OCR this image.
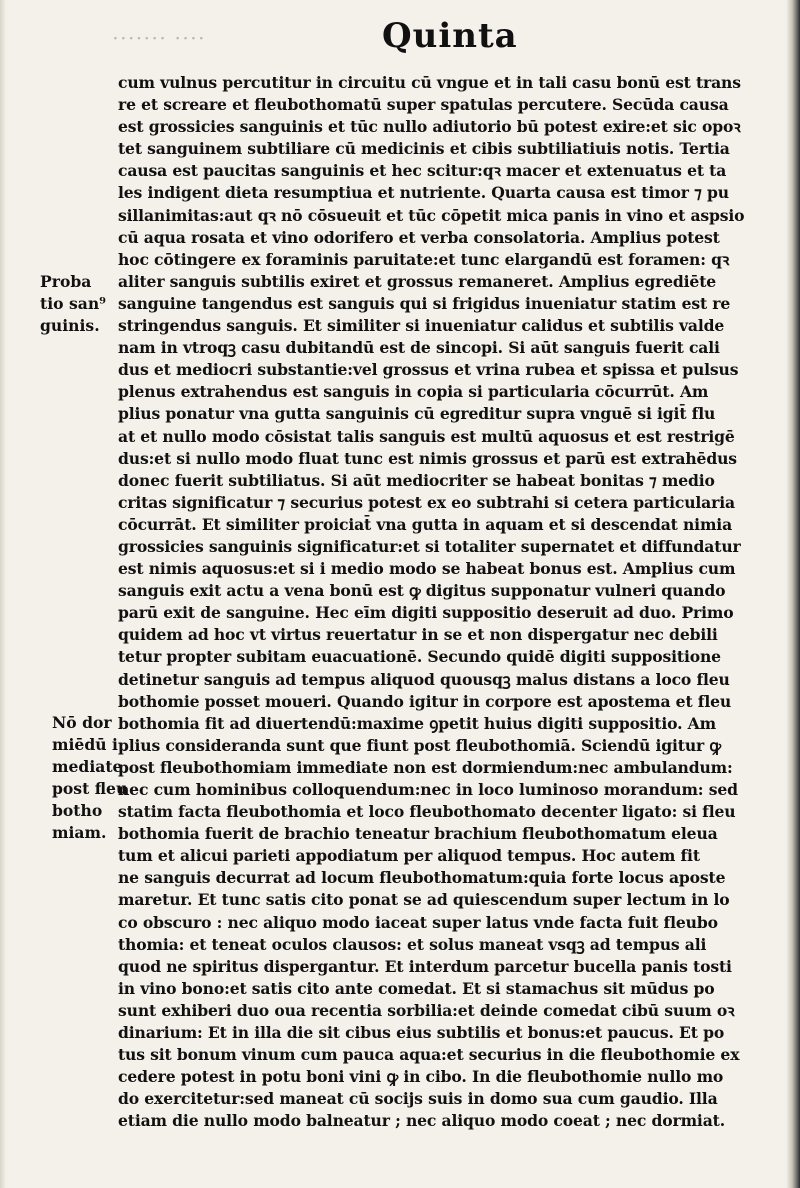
⋅⋅⋅⋅⋅⋅⋅ ⋅⋅⋅⋅	Quinta
Proba
tio san⁹
guinis.
Nō dor
miēdū i
mediate
post fleu
botho
miam.
cum vulnus percutitur in circuitu cū vngue et in tali casu bonū est trans
re et screare et fleubothomatū super spatulas percutere. Secūda causa
est grossicies sanguinis et tūc nullo adiutorio bū potest exire:et sic opoꝛ
tet sanguinem subtiliare cū medicinis et cibis subtiliatiuis notis. Tertia
causa est paucitas sanguinis et hec scitur:qꝛ macer et extenuatus et ta
les indigent dieta resumptiua et nutriente. Quarta causa est timor ⁊ pu
sillanimitas:aut qꝛ nō cōsueuit et tūc cōpetit mica panis in vino et aspsio
cū aqua rosata et vino odorifero et verba consolatoria. Amplius potest
hoc cōtingere ex foraminis paruitate:et tunc elargandū est foramen: qꝛ
aliter sanguis subtilis exiret et grossus remaneret. Amplius egrediēte
sanguine tangendus est sanguis qui si frigidus inueniatur statim est re
stringendus sanguis. Et similiter si inueniatur calidus et subtilis valde
nam in vtroqꝫ casu dubitandū est de sincopi. Si aūt sanguis fuerit cali
dus et mediocri substantie:vel grossus et vrina rubea et spissa et pulsus
plenus extrahendus est sanguis in copia si particularia cōcurrūt. Am
plius ponatur vna gutta sanguinis cū egreditur supra vnguē si igit̄ flu
at et nullo modo cōsistat talis sanguis est multū aquosus et est restrigē
dus:et si nullo modo fluat tunc est nimis grossus et parū est extrahēdus
donec fuerit subtiliatus. Si aūt mediocriter se habeat bonitas ⁊ medio
critas significatur ⁊ securius potest ex eo subtrahi si cetera particularia
cōcurrāt. Et similiter proiciat̄ vna gutta in aquam et si descendat nimia
grossicies sanguinis significatur:et si totaliter supernatet et diffundatur
est nimis aquosus:et si i medio modo se habeat bonus est. Amplius cum
sanguis exit actu a vena bonū est ꝙ digitus supponatur vulneri quando
parū exit de sanguine. Hec eīm digiti suppositio deseruit ad duo. Primo
quidem ad hoc vt virtus reuertatur in se et non dispergatur nec debili
tetur propter subitam euacuationē. Secundo quidē digiti suppositione
detinetur sanguis ad tempus aliquod quousqꝫ malus distans a loco fleu
bothomie posset moueri. Quando igitur in corpore est apostema et fleu
bothomia fit ad diuertendū:maxime ꝯpetit huius digiti suppositio. Am
plius consideranda sunt que fiunt post fleubothomiā. Sciendū igitur ꝙ
post fleubothomiam immediate non est dormiendum:nec ambulandum:
nec cum hominibus colloquendum:nec in loco luminoso morandum: sed
statim facta fleubothomia et loco fleubothomato decenter ligato: si fleu
bothomia fuerit de brachio teneatur brachium fleubothomatum eleua
tum et alicui parieti appodiatum per aliquod tempus. Hoc autem fit
ne sanguis decurrat ad locum fleubothomatum:quia forte locus aposte
maretur. Et tunc satis cito ponat se ad quiescendum super lectum in lo
co obscuro : nec aliquo modo iaceat super latus vnde facta fuit fleubo
thomia: et teneat oculos clausos: et solus maneat vsqꝫ ad tempus ali
quod ne spiritus dispergantur. Et interdum parcetur bucella panis tosti
in vino bono:et satis cito ante comedat. Et si stamachus sit mūdus po
sunt exhiberi duo oua recentia sorbilia:et deinde comedat cibū suum oꝛ
dinarium: Et in illa die sit cibus eius subtilis et bonus:et paucus. Et po
tus sit bonum vinum cum pauca aqua:et securius in die fleubothomie ex
cedere potest in potu boni vini ꝙ in cibo. In die fleubothomie nullo mo
do exercitetur:sed maneat cū socijs suis in domo sua cum gaudio. Illa
etiam die nullo modo balneatur ; nec aliquo modo coeat ; nec dormiat.
